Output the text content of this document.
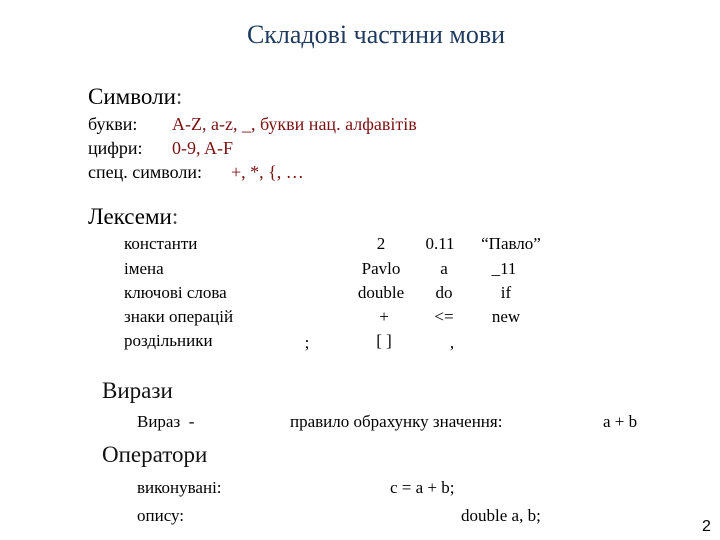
Складові частини мови
Символи:
букви: A-Z, a-z, _, букви нац. алфавітів
цифри: 0-9, A-F
спец. символи: +, *, {, …
Лексеми:
константи	2	0.11	“Павло”
імена	Pavlo	a	_11
ключові слова	double	do	if
знаки операцій	+	<=	new
роздільники	;	[ ]	,
Вирази
Вираз  -	правило обрахунку значення:	a + b
Оператори
виконувані:	c = a + b;
опису:	double a, b;
2
